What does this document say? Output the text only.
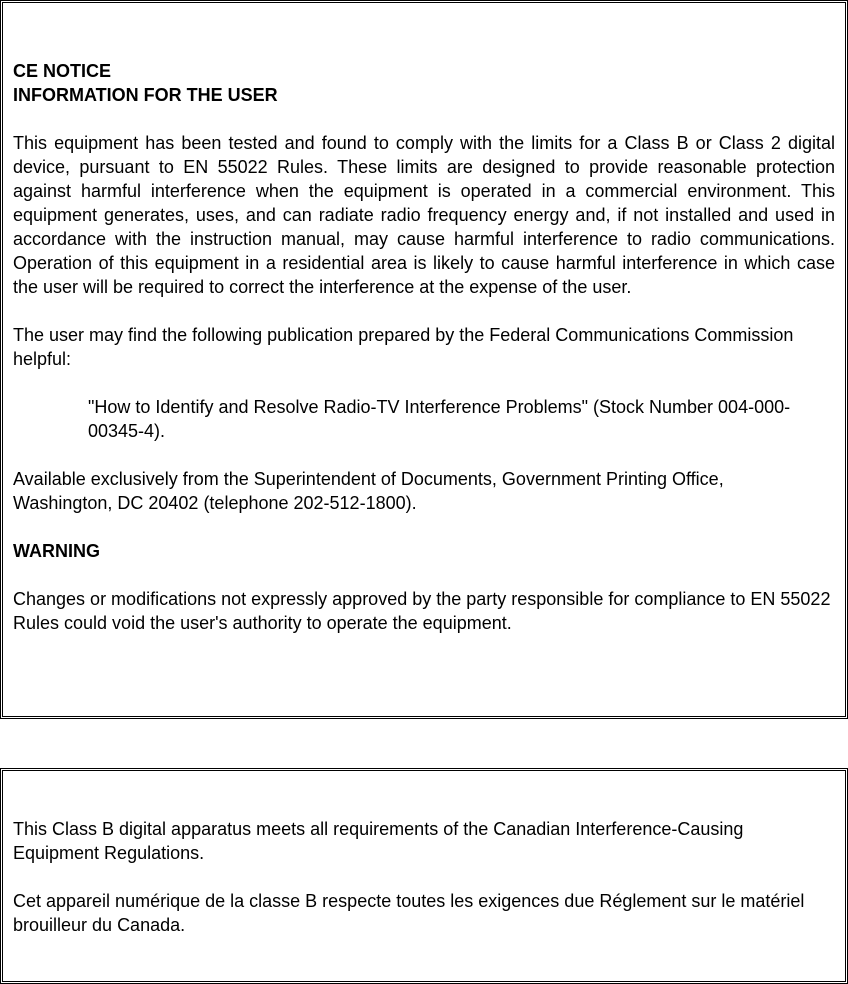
CE NOTICE

INFORMATION FOR THE USER

This equipment has been tested and found to comply with the limits for a Class B or Class 2 digital device, pursuant to EN 55022 Rules. These limits are designed to provide reasonable protection against harmful interference when the equipment is operated in a commercial environment. This equipment generates, uses, and can radiate radio frequency energy and, if not installed and used in accordance with the instruction manual, may cause harmful interference to radio communications. Operation of this equipment in a residential area is likely to cause harmful interference in which case the user will be required to correct the interference at the expense of the user.

The user may find the following publication prepared by the Federal Communications Commission helpful:

"How to Identify and Resolve Radio-TV Interference Problems" (Stock Number 004-000-00345-4).

Available exclusively from the Superintendent of Documents, Government Printing Office, Washington, DC 20402 (telephone 202-512-1800).

WARNING

Changes or modifications not expressly approved by the party responsible for compliance to EN 55022 Rules could void the user's authority to operate the equipment.

This Class B digital apparatus meets all requirements of the Canadian Interference-Causing Equipment Regulations.

Cet appareil numérique de la classe B respecte toutes les exigences due Réglement sur le matériel brouilleur du Canada.
